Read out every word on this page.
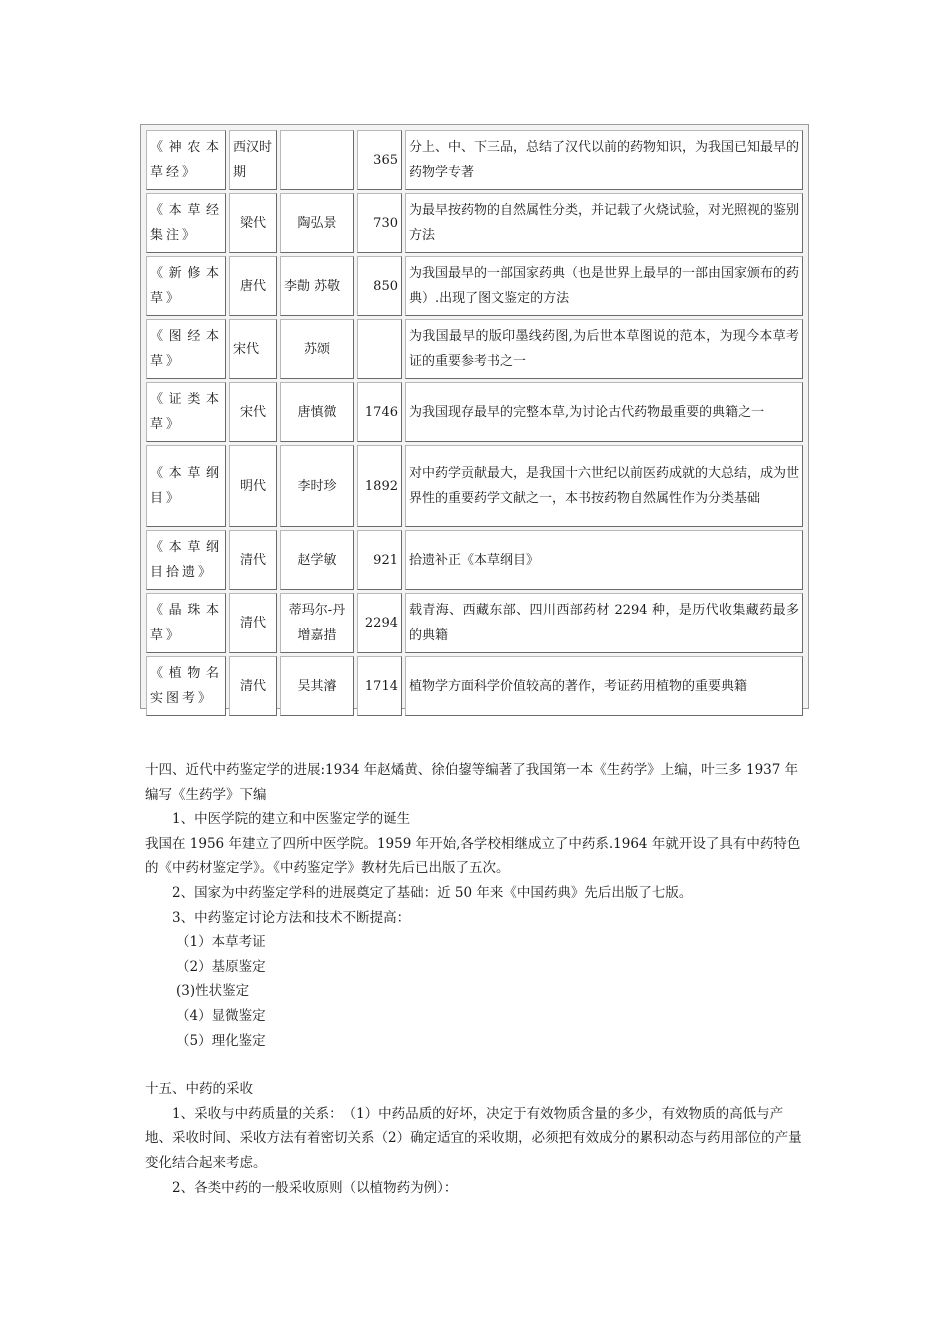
《神农本草经》	西汉时期		365	分上、中、下三品，总结了汉代以前的药物知识，为我国已知最早的药物学专著
《本草经集注》	梁代	陶弘景	730	为最早按药物的自然属性分类，并记载了火烧试验，对光照视的鉴别方法
《新修本草》	唐代	李勣 苏敬	850	为我国最早的一部国家药典（也是世界上最早的一部由国家颁布的药典）.出现了图文鉴定的方法
《图经本草》	宋代	苏颂		为我国最早的版印墨线药图,为后世本草图说的范本，为现今本草考证的重要参考书之一
《证类本草》	宋代	唐慎微	1746	为我国现存最早的完整本草,为讨论古代药物最重要的典籍之一
《本草纲目》	明代	李时珍	1892	对中药学贡献最大，是我国十六世纪以前医药成就的大总结，成为世界性的重要药学文献之一，本书按药物自然属性作为分类基础
《本草纲目拾遗》	清代	赵学敏	921	拾遗补正《本草纲目》
《晶珠本草》	清代	蒂玛尔-丹增嘉措	2294	载青海、西藏东部、四川西部药材 2294 种，是历代收集藏药最多的典籍
《植物名实图考》	清代	吴其濬	1714	植物学方面科学价值较高的著作，考证药用植物的重要典籍

十四、近代中药鉴定学的进展:1934 年赵燏黄、徐伯鋆等编著了我国第一本《生药学》上编，叶三多 1937 年编写《生药学》下编

1、中医学院的建立和中医鉴定学的诞生

我国在 1956 年建立了四所中医学院。1959 年开始,各学校相继成立了中药系.1964 年就开设了具有中药特色的《中药材鉴定学》。《中药鉴定学》教材先后已出版了五次。

2、国家为中药鉴定学科的进展奠定了基础：近 50 年来《中国药典》先后出版了七版。

3、中药鉴定讨论方法和技术不断提高：

（1）本草考证

（2）基原鉴定

(3)性状鉴定

（4）显微鉴定

（5）理化鉴定

十五、中药的采收

1、采收与中药质量的关系：　（1）中药品质的好坏，决定于有效物质含量的多少，有效物质的高低与产地、采收时间、采收方法有着密切关系（2）确定适宜的采收期，必须把有效成分的累积动态与药用部位的产量变化结合起来考虑。

2、各类中药的一般采收原则（以植物药为例）：
